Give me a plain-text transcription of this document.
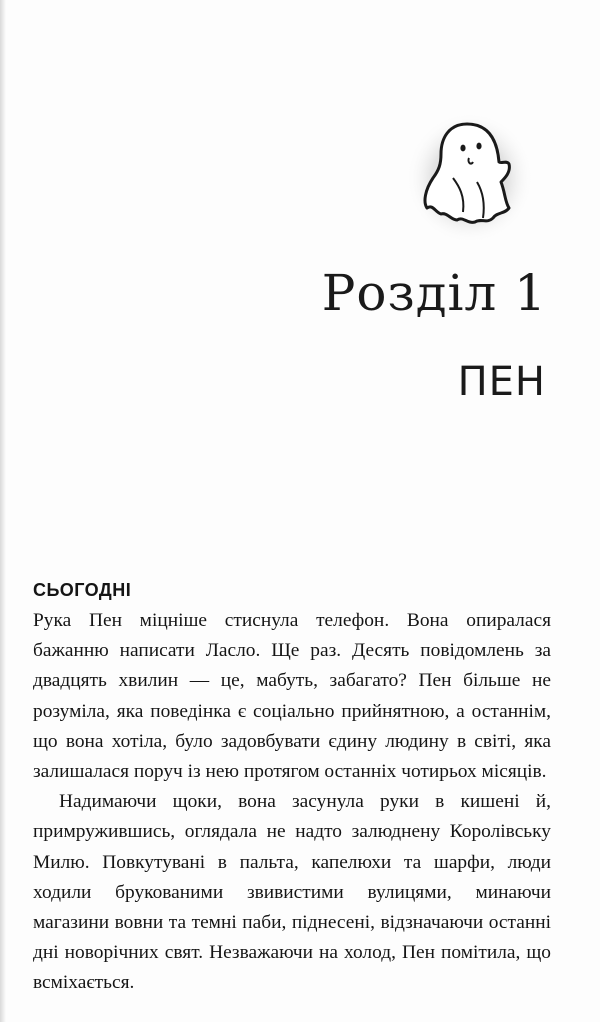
Розділ 1
ПЕН
СЬОГОДНІ

Рука Пен міцніше стиснула телефон. Вона опиралася бажанню написати Ласло. Ще раз. Десять повідомлень за двадцять хвилин — це, мабуть, забагато? Пен більше не розуміла, яка поведінка є соціально прийнятною, а останнім, що вона хотіла, було задовбувати єдину людину в світі, яка залишалася поруч із нею протягом останніх чотирьох місяців.

Надимаючи щоки, вона засунула руки в кишені й, примружившись, оглядала не надто залюднену Королівську Милю. Повкутувані в пальта, капелюхи та шарфи, люди ходили брукованими звивистими вулицями, минаючи магазини вовни та темні паби, піднесені, відзначаючи останні дні новорічних свят. Незважаючи на холод, Пен помітила, що всміхається.
